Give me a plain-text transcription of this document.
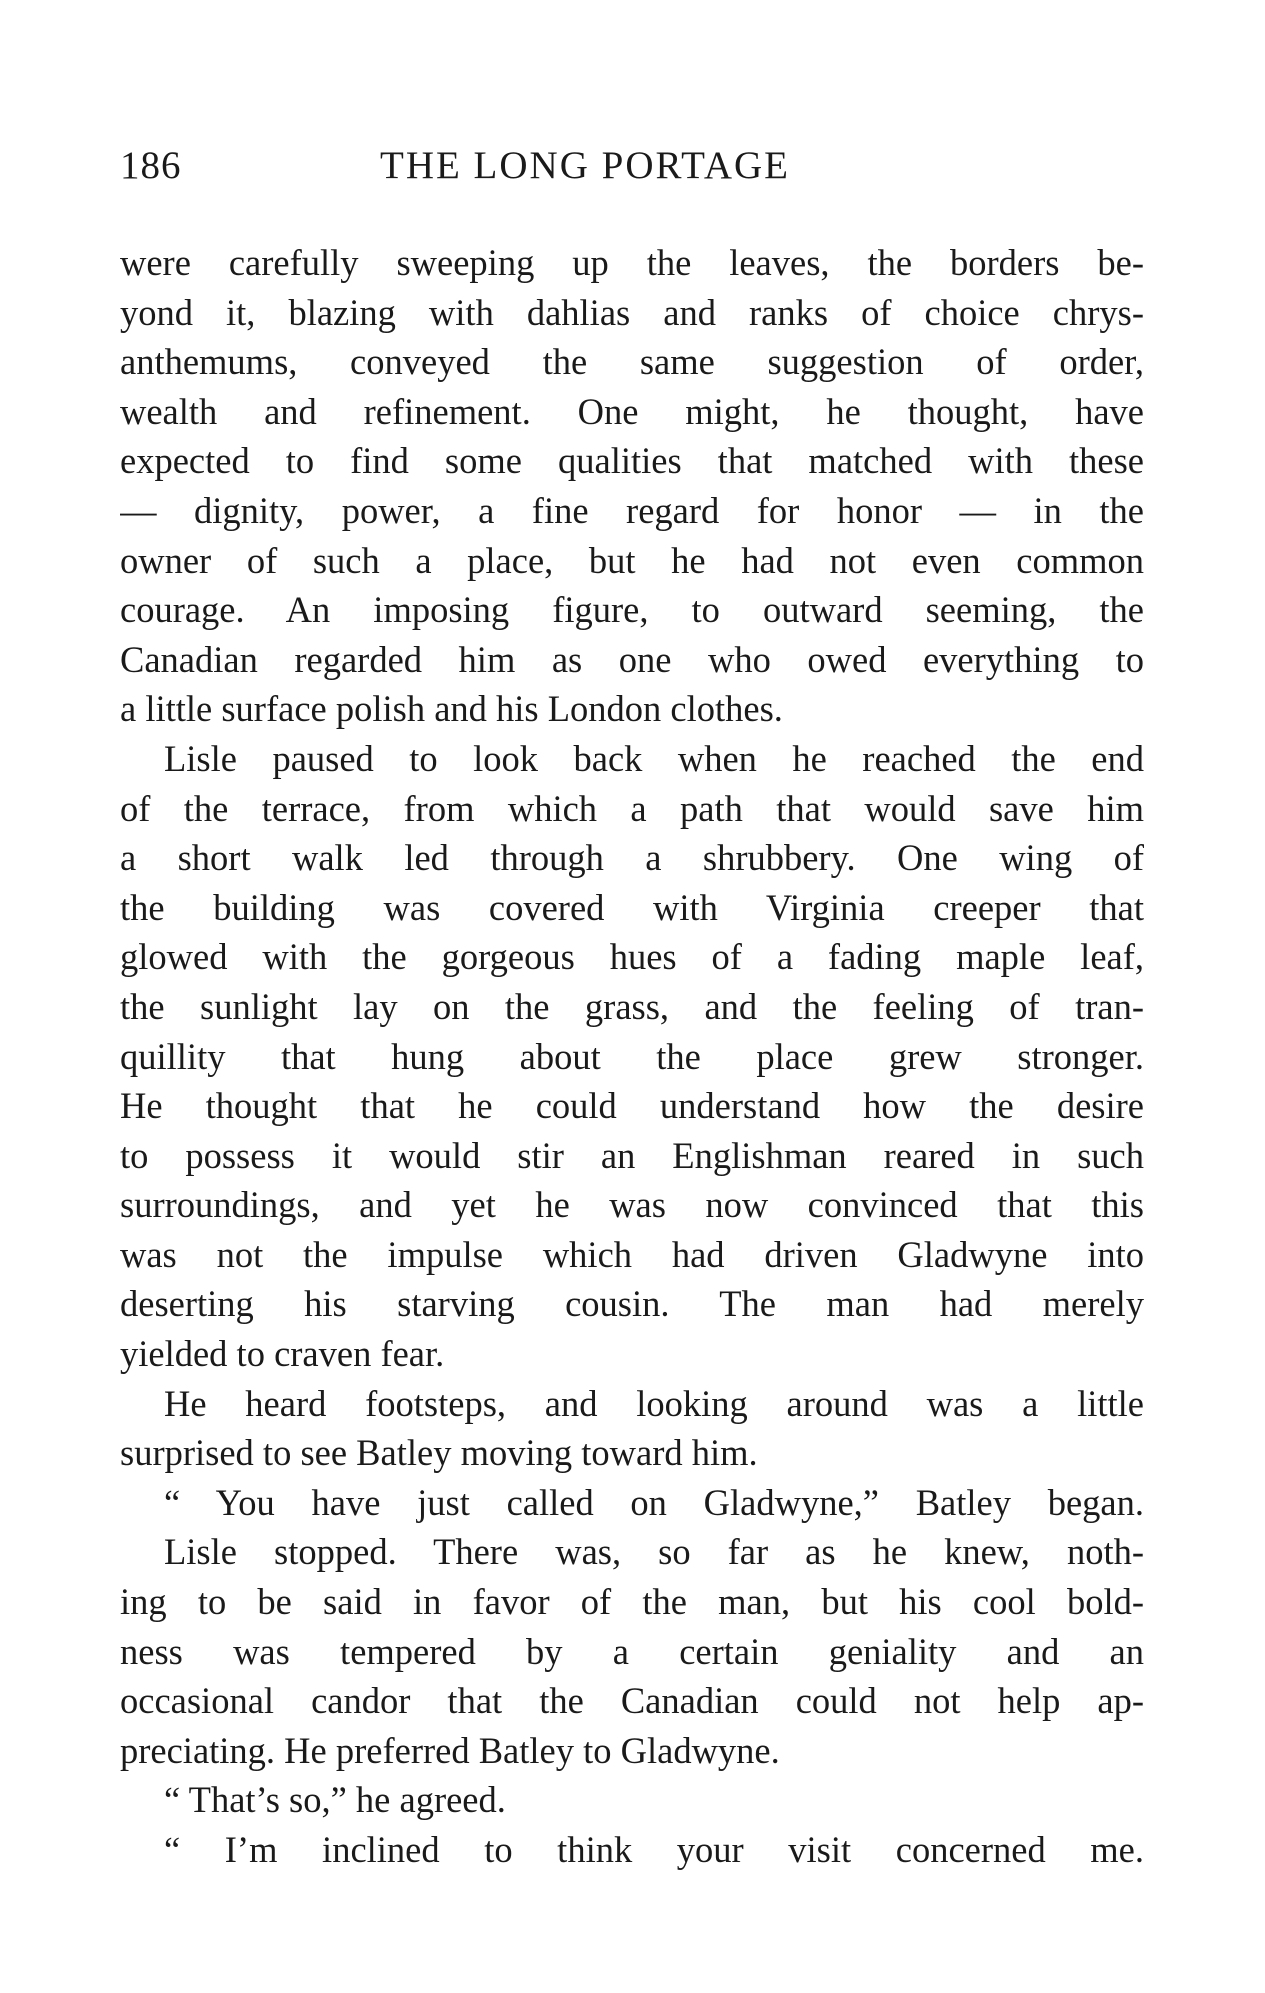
186	THE LONG PORTAGE
were carefully sweeping up the leaves, the borders be-
yond it, blazing with dahlias and ranks of choice chrys-
anthemums, conveyed the same suggestion of order,
wealth and refinement. One might, he thought, have
expected to find some qualities that matched with these
— dignity, power, a fine regard for honor — in the
owner of such a place, but he had not even common
courage. An imposing figure, to outward seeming, the
Canadian regarded him as one who owed everything to
a little surface polish and his London clothes.
Lisle paused to look back when he reached the end
of the terrace, from which a path that would save him
a short walk led through a shrubbery. One wing of
the building was covered with Virginia creeper that
glowed with the gorgeous hues of a fading maple leaf,
the sunlight lay on the grass, and the feeling of tran-
quillity that hung about the place grew stronger.
He thought that he could understand how the desire
to possess it would stir an Englishman reared in such
surroundings, and yet he was now convinced that this
was not the impulse which had driven Gladwyne into
deserting his starving cousin. The man had merely
yielded to craven fear.
He heard footsteps, and looking around was a little
surprised to see Batley moving toward him.
“ You have just called on Gladwyne,” Batley began.
Lisle stopped. There was, so far as he knew, noth-
ing to be said in favor of the man, but his cool bold-
ness was tempered by a certain geniality and an
occasional candor that the Canadian could not help ap-
preciating. He preferred Batley to Gladwyne.
“ That’s so,” he agreed.
“ I’m inclined to think your visit concerned me.
